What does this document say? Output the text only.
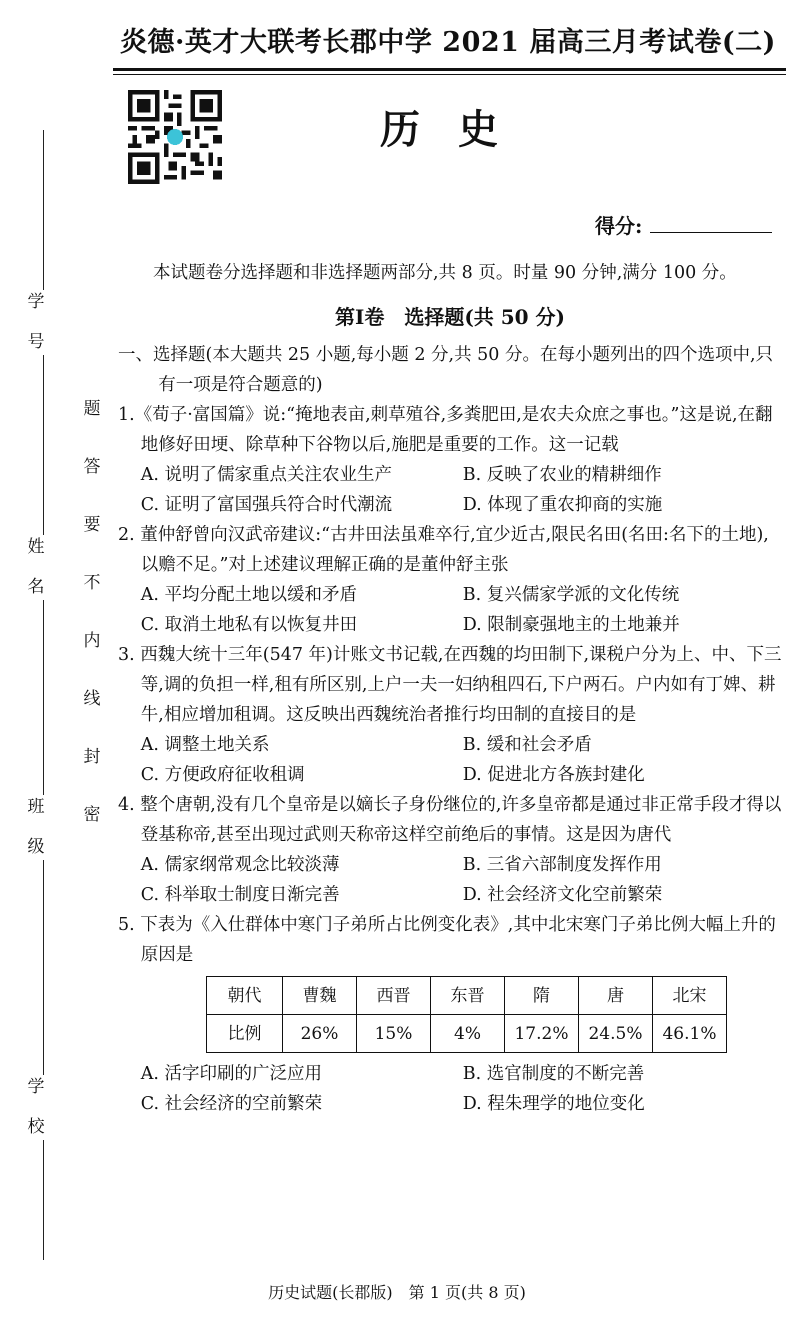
学
号
姓
名
班
级
学
校
密
封
线
内
不
要
答
题
炎德·英才大联考长郡中学 2021 届高三月考试卷(二)
历史
得分:

本试题卷分选择题和非选择题两部分,共 8 页。时量 90 分钟,满分 100 分。

第Ⅰ卷　选择题(共 50 分)

一、选择题(本大题共 25 小题,每小题 2 分,共 50 分。在每小题列出的四个选项中,只有一项是符合题意的)

1.《荀子·富国篇》说:“掩地表亩,刺草殖谷,多粪肥田,是农夫众庶之事也。”这是说,在翻地修好田埂、除草种下谷物以后,施肥是重要的工作。这一记载

A. 说明了儒家重点关注农业生产	B. 反映了农业的精耕细作
C. 证明了富国强兵符合时代潮流	D. 体现了重农抑商的实施

2. 董仲舒曾向汉武帝建议:“古井田法虽难卒行,宜少近古,限民名田(名田:名下的土地),以赡不足。”对上述建议理解正确的是董仲舒主张

A. 平均分配土地以缓和矛盾	B. 复兴儒家学派的文化传统
C. 取消土地私有以恢复井田	D. 限制豪强地主的土地兼并

3. 西魏大统十三年(547 年)计账文书记载,在西魏的均田制下,课税户分为上、中、下三等,调的负担一样,租有所区别,上户一夫一妇纳租四石,下户两石。户内如有丁婢、耕牛,相应增加租调。这反映出西魏统治者推行均田制的直接目的是

A. 调整土地关系	B. 缓和社会矛盾
C. 方便政府征收租调	D. 促进北方各族封建化

4. 整个唐朝,没有几个皇帝是以嫡长子身份继位的,许多皇帝都是通过非正常手段才得以登基称帝,甚至出现过武则天称帝这样空前绝后的事情。这是因为唐代

A. 儒家纲常观念比较淡薄	B. 三省六部制度发挥作用
C. 科举取士制度日渐完善	D. 社会经济文化空前繁荣

5. 下表为《入仕群体中寒门子弟所占比例变化表》,其中北宋寒门子弟比例大幅上升的原因是

朝代	曹魏	西晋	东晋	隋	唐	北宋
比例	26%	15%	4%	17.2%	24.5%	46.1%
A. 活字印刷的广泛应用	B. 选官制度的不断完善
C. 社会经济的空前繁荣	D. 程朱理学的地位变化
历史试题(长郡版)　第 1 页(共 8 页)
